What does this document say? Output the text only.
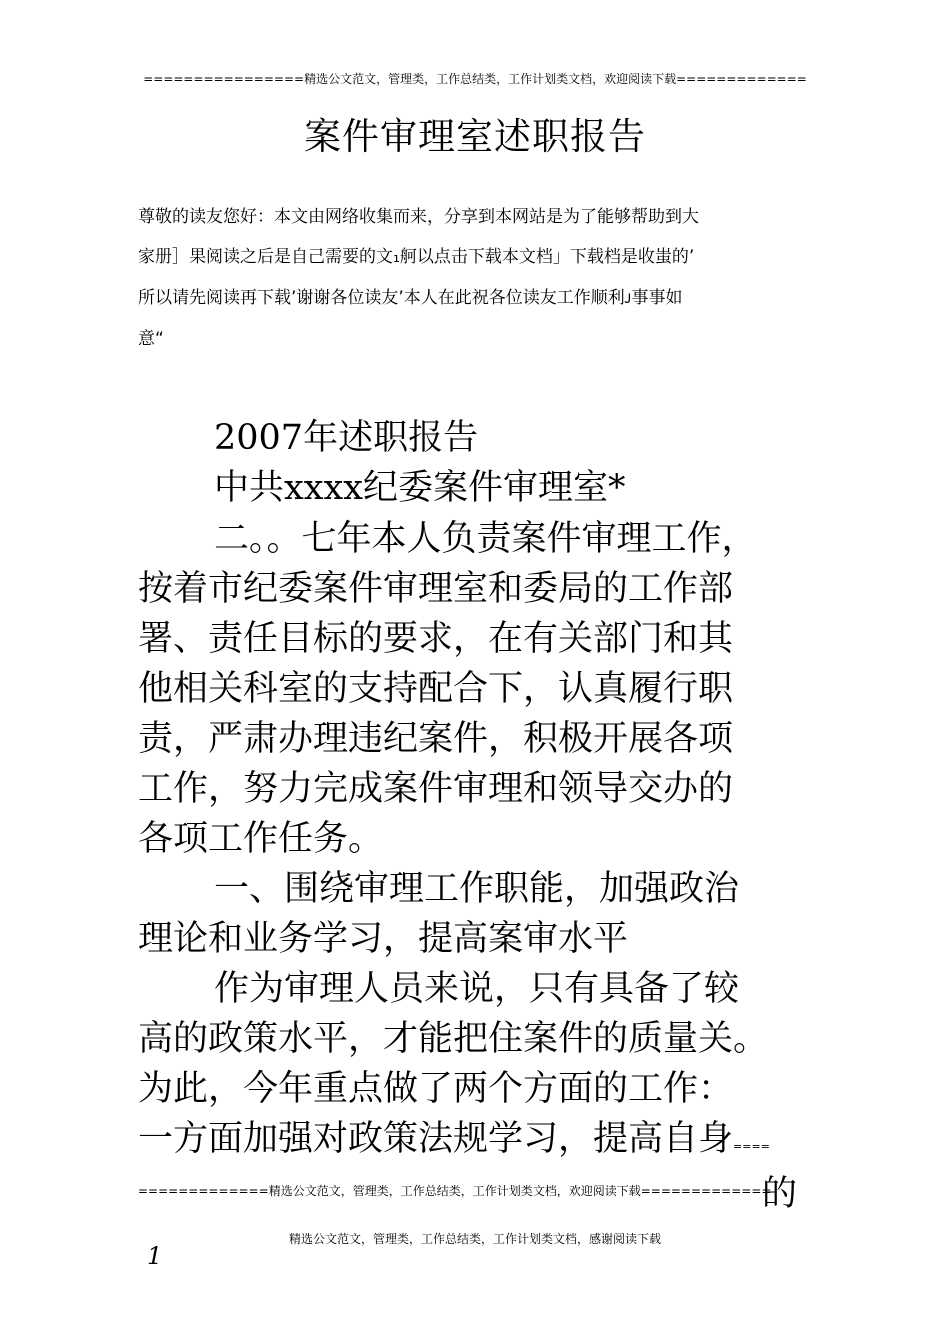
================精选公文范文，管理类，工作总结类，工作计划类文档，欢迎阅读下载=============
案件审理室述职报告
尊敬的读友您好：本文由网络收集而来，分享到本网站是为了能够帮助到大
家册］果阅读之后是自己需要的文₁舸以点击下载本文档」下载档是收蚩的’
所以请先阅读再下载’谢谢各位读友’本人在此祝各位读友工作顺利ᴊ事事如
意“
2007年述职报告
中共xxxx纪委案件审理室*
二。。七年本人负责案件审理工作，
按着市纪委案件审理室和委局的工作部
署、责任目标的要求，在有关部门和其
他相关科室的支持配合下，认真履行职
责，严肃办理违纪案件，积极开展各项
工作，努力完成案件审理和领导交办的
各项工作任务。
一、围绕审理工作职能，加强政治
理论和业务学习，提高案审水平
作为审理人员来说，只有具备了较
高的政策水平，才能把住案件的质量关。
为此，今年重点做了两个方面的工作：
一方面加强对政策法规学习，提高自身====
=============精选公文范文，管理类，工作总结类，工作计划类文档，欢迎阅读下载=============
的
精选公文范文，管理类，工作总结类，工作计划类文档，感谢阅读下载
1
